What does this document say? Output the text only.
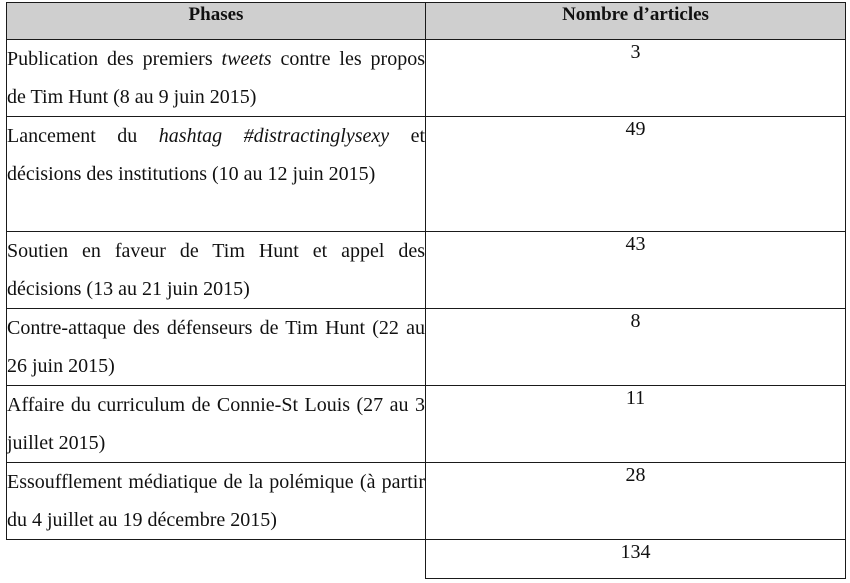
Phases	Nombre d’articles
Publication des premiers tweets contre les propos de Tim Hunt (8 au 9 juin 2015)	3
Lancement du hashtag #distractinglysexy et décisions des institutions (10 au 12 juin 2015)	49
Soutien en faveur de Tim Hunt et appel des décisions (13 au 21 juin 2015)	43
Contre-attaque des défenseurs de Tim Hunt (22 au 26 juin 2015)	8
Affaire du curriculum de Connie-St Louis (27 au 3 juillet 2015)	11
Essoufflement médiatique de la polémique (à partir du 4 juillet au 19 décembre 2015)	28
	134
